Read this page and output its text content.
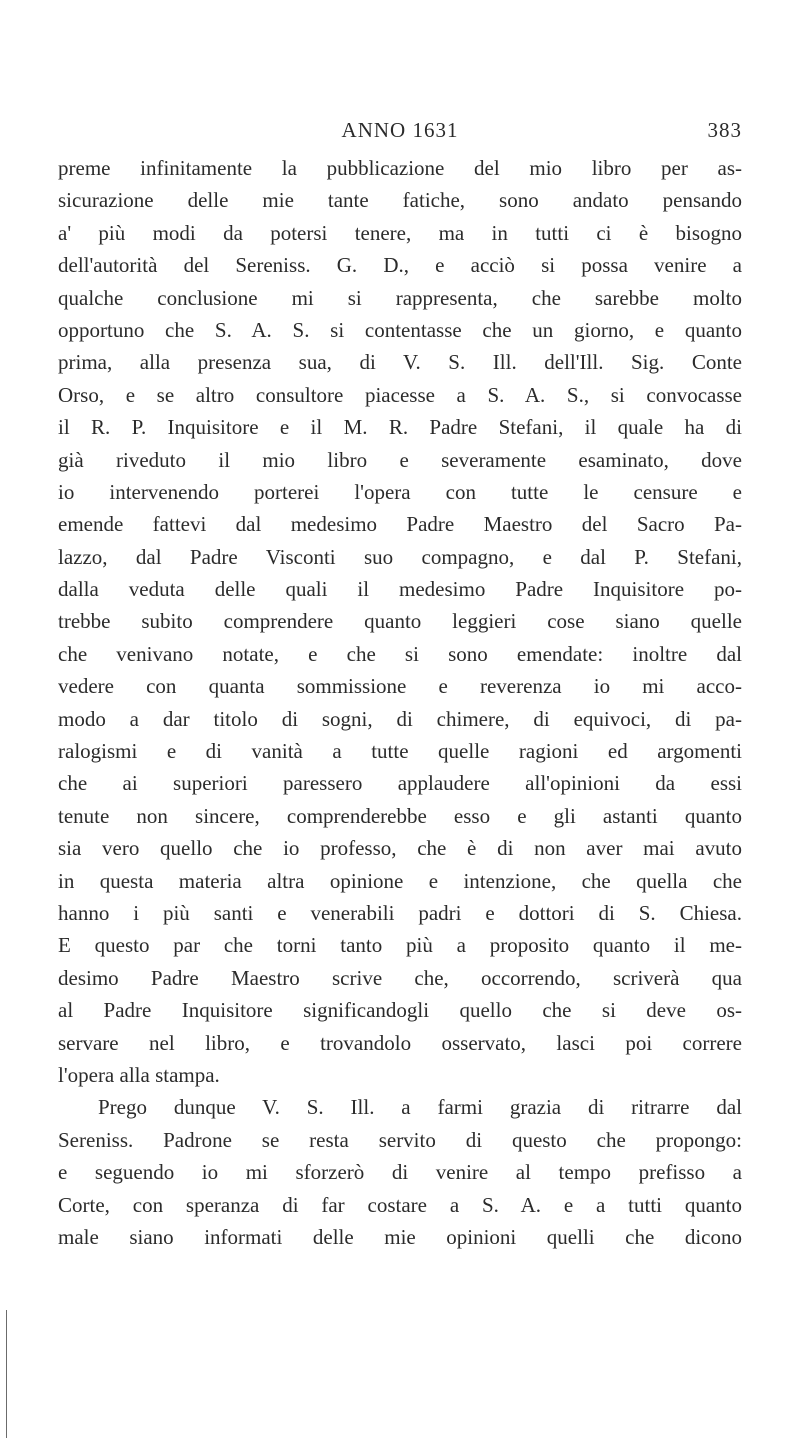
ANNO 1631	383
preme infinitamente la pubblicazione del mio libro per as-
sicurazione delle mie tante fatiche, sono andato pensando
a' più modi da potersi tenere, ma in tutti ci è bisogno
dell'autorità del Sereniss. G. D., e acciò si possa venire a
qualche conclusione mi si rappresenta, che sarebbe molto
opportuno che S. A. S. si contentasse che un giorno, e quanto
prima, alla presenza sua, di V. S. Ill. dell'Ill. Sig. Conte
Orso, e se altro consultore piacesse a S. A. S., si convocasse
il R. P. Inquisitore e il M. R. Padre Stefani, il quale ha di
già riveduto il mio libro e severamente esaminato, dove
io intervenendo porterei l'opera con tutte le censure e
emende fattevi dal medesimo Padre Maestro del Sacro Pa-
lazzo, dal Padre Visconti suo compagno, e dal P. Stefani,
dalla veduta delle quali il medesimo Padre Inquisitore po-
trebbe subito comprendere quanto leggieri cose siano quelle
che venivano notate, e che si sono emendate: inoltre dal
vedere con quanta sommissione e reverenza io mi acco-
modo a dar titolo di sogni, di chimere, di equivoci, di pa-
ralogismi e di vanità a tutte quelle ragioni ed argomenti
che ai superiori paressero applaudere all'opinioni da essi
tenute non sincere, comprenderebbe esso e gli astanti quanto
sia vero quello che io professo, che è di non aver mai avuto
in questa materia altra opinione e intenzione, che quella che
hanno i più santi e venerabili padri e dottori di S. Chiesa.
E questo par che torni tanto più a proposito quanto il me-
desimo Padre Maestro scrive che, occorrendo, scriverà qua
al Padre Inquisitore significandogli quello che si deve os-
servare nel libro, e trovandolo osservato, lasci poi correre
l'opera alla stampa.
Prego dunque V. S. Ill. a farmi grazia di ritrarre dal
Sereniss. Padrone se resta servito di questo che propongo:
e seguendo io mi sforzerò di venire al tempo prefisso a
Corte, con speranza di far costare a S. A. e a tutti quanto
male siano informati delle mie opinioni quelli che dicono
